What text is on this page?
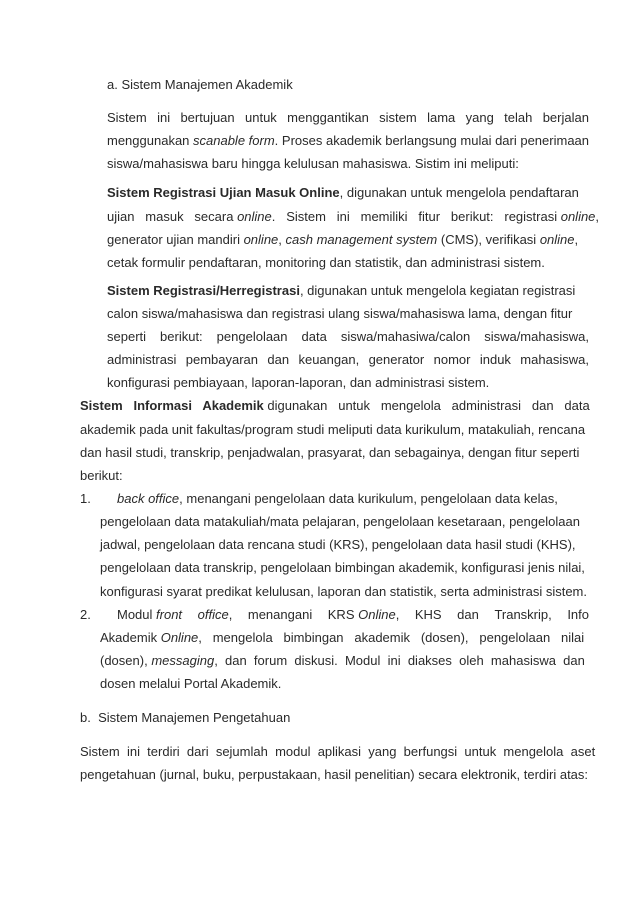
a. Sistem Manajemen Akademik
Sistem ini bertujuan untuk menggantikan sistem lama yang telah berjalan
menggunakan scanable form. Proses akademik berlangsung mulai dari penerimaan
siswa/mahasiswa baru hingga kelulusan mahasiswa. Sistim ini meliputi:
Sistem Registrasi Ujian Masuk Online, digunakan untuk mengelola pendaftaran
ujian   masuk   secara online.   Sistem   ini   memiliki   fitur   berikut:   registrasi online,
generator ujian mandiri online, cash management system (CMS), verifikasi online,
cetak formulir pendaftaran, monitoring dan statistik, dan administrasi sistem.
Sistem Registrasi/Herregistrasi, digunakan untuk mengelola kegiatan registrasi
calon siswa/mahasiswa dan registrasi ulang siswa/mahasiswa lama, dengan fitur
seperti berikut: pengelolaan data siswa/mahasiwa/calon siswa/mahasiswa,
administrasi pembayaran dan keuangan, generator nomor induk mahasiswa,
konfigurasi pembiayaan, laporan-laporan, dan administrasi sistem.
Sistem   Informasi   Akademik digunakan   untuk   mengelola   administrasi   dan   data
akademik pada unit fakultas/program studi meliputi data kurikulum, matakuliah, rencana
dan hasil studi, transkrip, penjadwalan, prasyarat, dan sebagainya, dengan fitur seperti
berikut:
1. back office, menangani pengelolaan data kurikulum, pengelolaan data kelas,
pengelolaan data matakuliah/mata pelajaran, pengelolaan kesetaraan, pengelolaan
jadwal, pengelolaan data rencana studi (KRS), pengelolaan data hasil studi (KHS),
pengelolaan data transkrip, pengelolaan bimbingan akademik, konfigurasi jenis nilai,
konfigurasi syarat predikat kelulusan, laporan dan statistik, serta administrasi sistem.
2. Modul front office, menangani KRS Online, KHS dan Transkrip, Info
Akademik Online,   mengelola   bimbingan   akademik   (dosen),   pengelolaan   nilai
(dosen), messaging,  dan  forum  diskusi.  Modul  ini  diakses  oleh  mahasiswa  dan
dosen melalui Portal Akademik.
b.  Sistem Manajemen Pengetahuan
Sistem  ini  terdiri  dari  sejumlah  modul  aplikasi  yang  berfungsi  untuk  mengelola  aset
pengetahuan (jurnal, buku, perpustakaan, hasil penelitian) secara elektronik, terdiri atas:
